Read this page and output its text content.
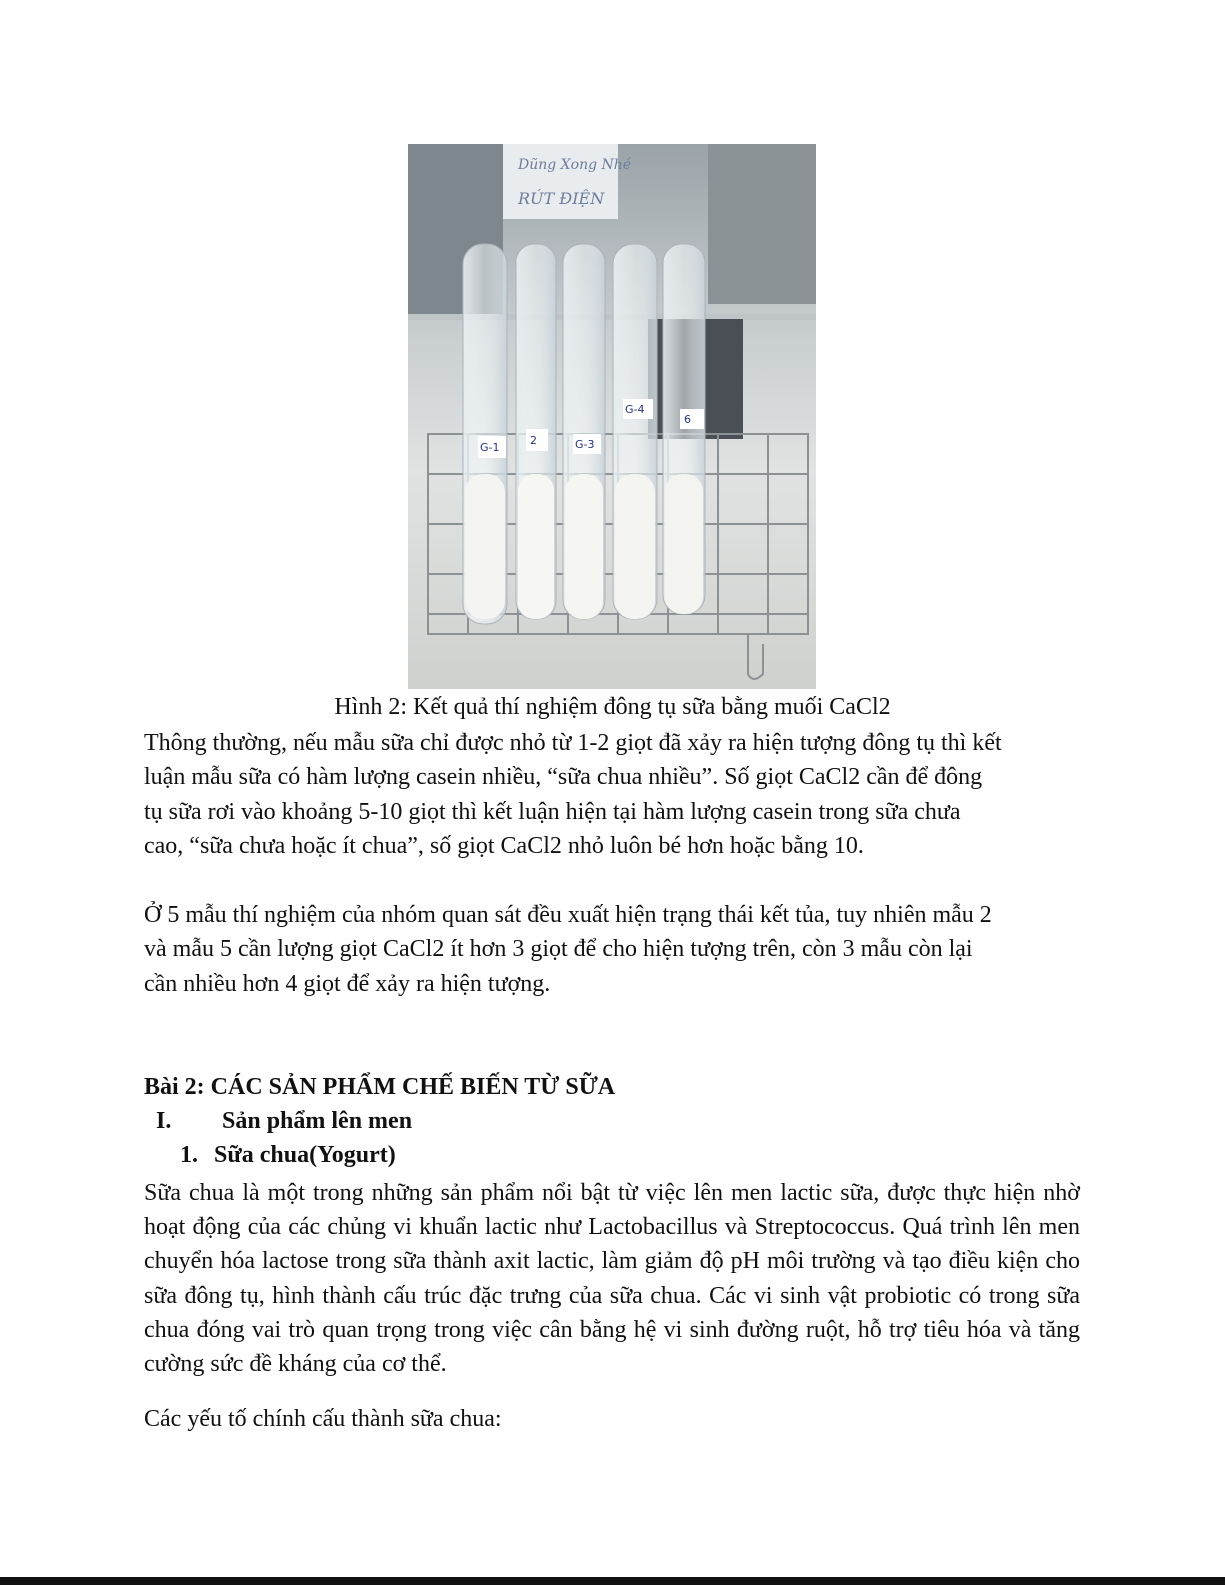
Dũng Xong Nhé
RÚT ĐIỆN
G-1
2	G-3
G-4
6
Hình 2: Kết quả thí nghiệm đông tụ sữa bằng muối CaCl2

Thông thường, nếu mẫu sữa chỉ được nhỏ từ 1-2 giọt đã xảy ra hiện tượng đông tụ thì kết luận mẫu sữa có hàm lượng casein nhiều, “sữa chua nhiều”. Số giọt CaCl2 cần để đông tụ sữa rơi vào khoảng 5-10 giọt thì kết luận hiện tại hàm lượng casein trong sữa chưa cao, “sữa chưa hoặc ít chua”, số giọt CaCl2 nhỏ luôn bé hơn hoặc bằng 10.

Ở 5 mẫu thí nghiệm của nhóm quan sát đều xuất hiện trạng thái kết tủa, tuy nhiên mẫu 2 và mẫu 5 cần lượng giọt CaCl2 ít hơn 3 giọt để cho hiện tượng trên, còn 3 mẫu còn lại cần nhiều hơn 4 giọt để xảy ra hiện tượng.

Bài 2: CÁC SẢN PHẨM CHẾ BIẾN TỪ SỮA

I. Sản phẩm lên men

1. Sữa chua(Yogurt)

Sữa chua là một trong những sản phẩm nổi bật từ việc lên men lactic sữa, được thực hiện nhờ hoạt động của các chủng vi khuẩn lactic như Lactobacillus và Streptococcus. Quá trình lên men chuyển hóa lactose trong sữa thành axit lactic, làm giảm độ pH môi trường và tạo điều kiện cho sữa đông tụ, hình thành cấu trúc đặc trưng của sữa chua. Các vi sinh vật probiotic có trong sữa chua đóng vai trò quan trọng trong việc cân bằng hệ vi sinh đường ruột, hỗ trợ tiêu hóa và tăng cường sức đề kháng của cơ thể.

Các yếu tố chính cấu thành sữa chua:
